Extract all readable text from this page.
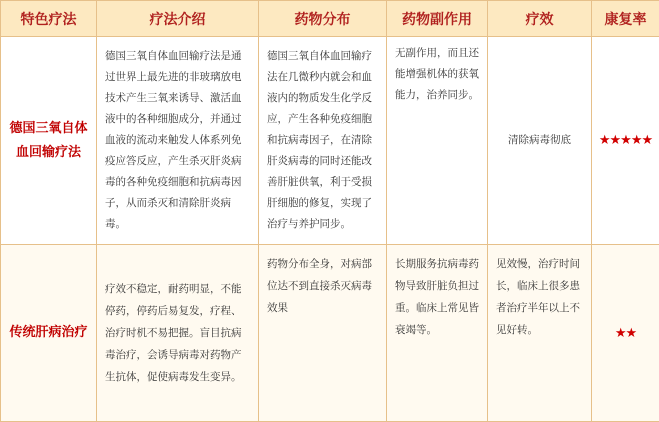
特色疗法	疗法介绍	药物分布	药物副作用	疗效	康复率
德国三氧自体血回输疗法	德国三氧自体血回输疗法是通过世界上最先进的非玻璃放电技术产生三氧来诱导、激活血液中的各种细胞成分，并通过血液的流动来触发人体系列免疫应答反应，产生杀灭肝炎病毒的各种免疫细胞和抗病毒因子，从而杀灭和清除肝炎病毒。	德国三氧自体血回输疗法在几微秒内就会和血液内的物质发生化学反应，产生各种免疫细胞和抗病毒因子，在清除肝炎病毒的同时还能改善肝脏供氧，利于受损肝细胞的修复，实现了治疗与养护同步。	无副作用，而且还能增强机体的获氧能力，治养同步。	清除病毒彻底	★★★★★
传统肝病治疗	疗效不稳定，耐药明显，不能停药，停药后易复发，疗程、治疗时机不易把握。盲目抗病毒治疗，会诱导病毒对药物产生抗体，促使病毒发生变异。	药物分布全身，对病部位达不到直接杀灭病毒效果	长期服务抗病毒药物导致肝脏负担过重。临床上常见皆衰竭等。	见效慢，治疗时间长，临床上很多患者治疗半年以上不见好转。	★★
